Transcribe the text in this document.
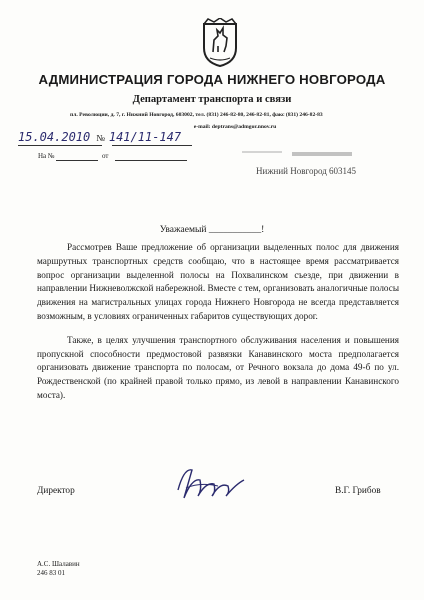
АДМИНИСТРАЦИЯ ГОРОДА НИЖНЕГО НОВГОРОДА
Департамент транспорта и связи
пл. Революции, д. 7, г. Нижний Новгород, 603002, тел. (831) 246-82-80, 246-82-81, факс (831) 246-82-83
e-mail: deptrans@admgor.nnov.ru
15.04.2010 № 141/11-147
На №	от
Нижний Новгород 603145
Уважаемый ___________!

Рассмотрев Ваше предложение об организации выделенных полос для движения маршрутных транспортных средств сообщаю, что в настоящее время рассматривается вопрос организации выделенной полосы на Похвалинском съезде, при движении в направлении Нижневолжской набережной. Вместе с тем, организовать аналогичные полосы движения на магистральных улицах города Нижнего Новгорода не всегда представляется возможным, в условиях ограниченных габаритов существующих дорог.

Также, в целях улучшения транспортного обслуживания населения и повышения пропускной способности предмостовой развязки Канавинского моста предполагается организовать движение транспорта по полосам, от Речного вокзала до дома 49-б по ул. Рождественской (по крайней правой только прямо, из левой в направлении Канавинского моста).

Директор	В.Г. Грибов
А.С. Шалавин
246 83 01
